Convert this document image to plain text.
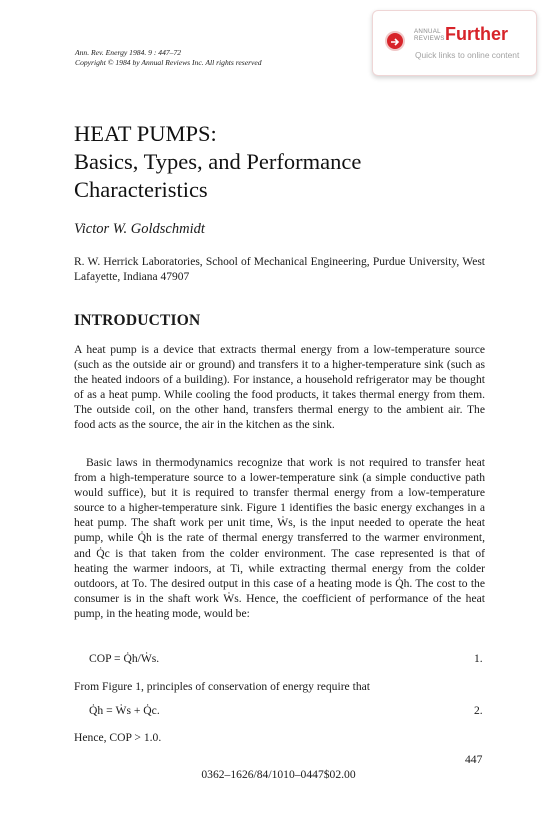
Ann. Rev. Energy 1984. 9 : 447–72
Copyright © 1984 by Annual Reviews Inc. All rights reserved
ANNUAL
REVIEWS Further
Quick links to online content
HEAT PUMPS:
Basics, Types, and Performance
Characteristics
Victor W. Goldschmidt
R. W. Herrick Laboratories, School of Mechanical Engineering, Purdue University, West Lafayette, Indiana 47907
INTRODUCTION

A heat pump is a device that extracts thermal energy from a low-temperature source (such as the outside air or ground) and transfers it to a higher-temperature sink (such as the heated indoors of a building). For instance, a household refrigerator may be thought of as a heat pump. While cooling the food products, it takes thermal energy from them. The outside coil, on the other hand, transfers thermal energy to the ambient air. The food acts as the source, the air in the kitchen as the sink.

Basic laws in thermodynamics recognize that work is not required to transfer heat from a high-temperature source to a lower-temperature sink (a simple conductive path would suffice), but it is required to transfer thermal energy from a low-temperature source to a higher-temperature sink. Figure 1 identifies the basic energy exchanges in a heat pump. The shaft work per unit time, Ẇs, is the input needed to operate the heat pump, while Q̇h is the rate of thermal energy transferred to the warmer environment, and Q̇c is that taken from the colder environment. The case represented is that of heating the warmer indoors, at Ti, while extracting thermal energy from the colder outdoors, at To. The desired output in this case of a heating mode is Q̇h. The cost to the consumer is in the shaft work Ẇs. Hence, the coefficient of performance of the heat pump, in the heating mode, would be:

COP = Q̇h/Ẇs.	1.
From Figure 1, principles of conservation of energy require that
Q̇h = Ẇs + Q̇c.	2.
Hence, COP > 1.0.
447
0362–1626/84/1010–0447$02.00
